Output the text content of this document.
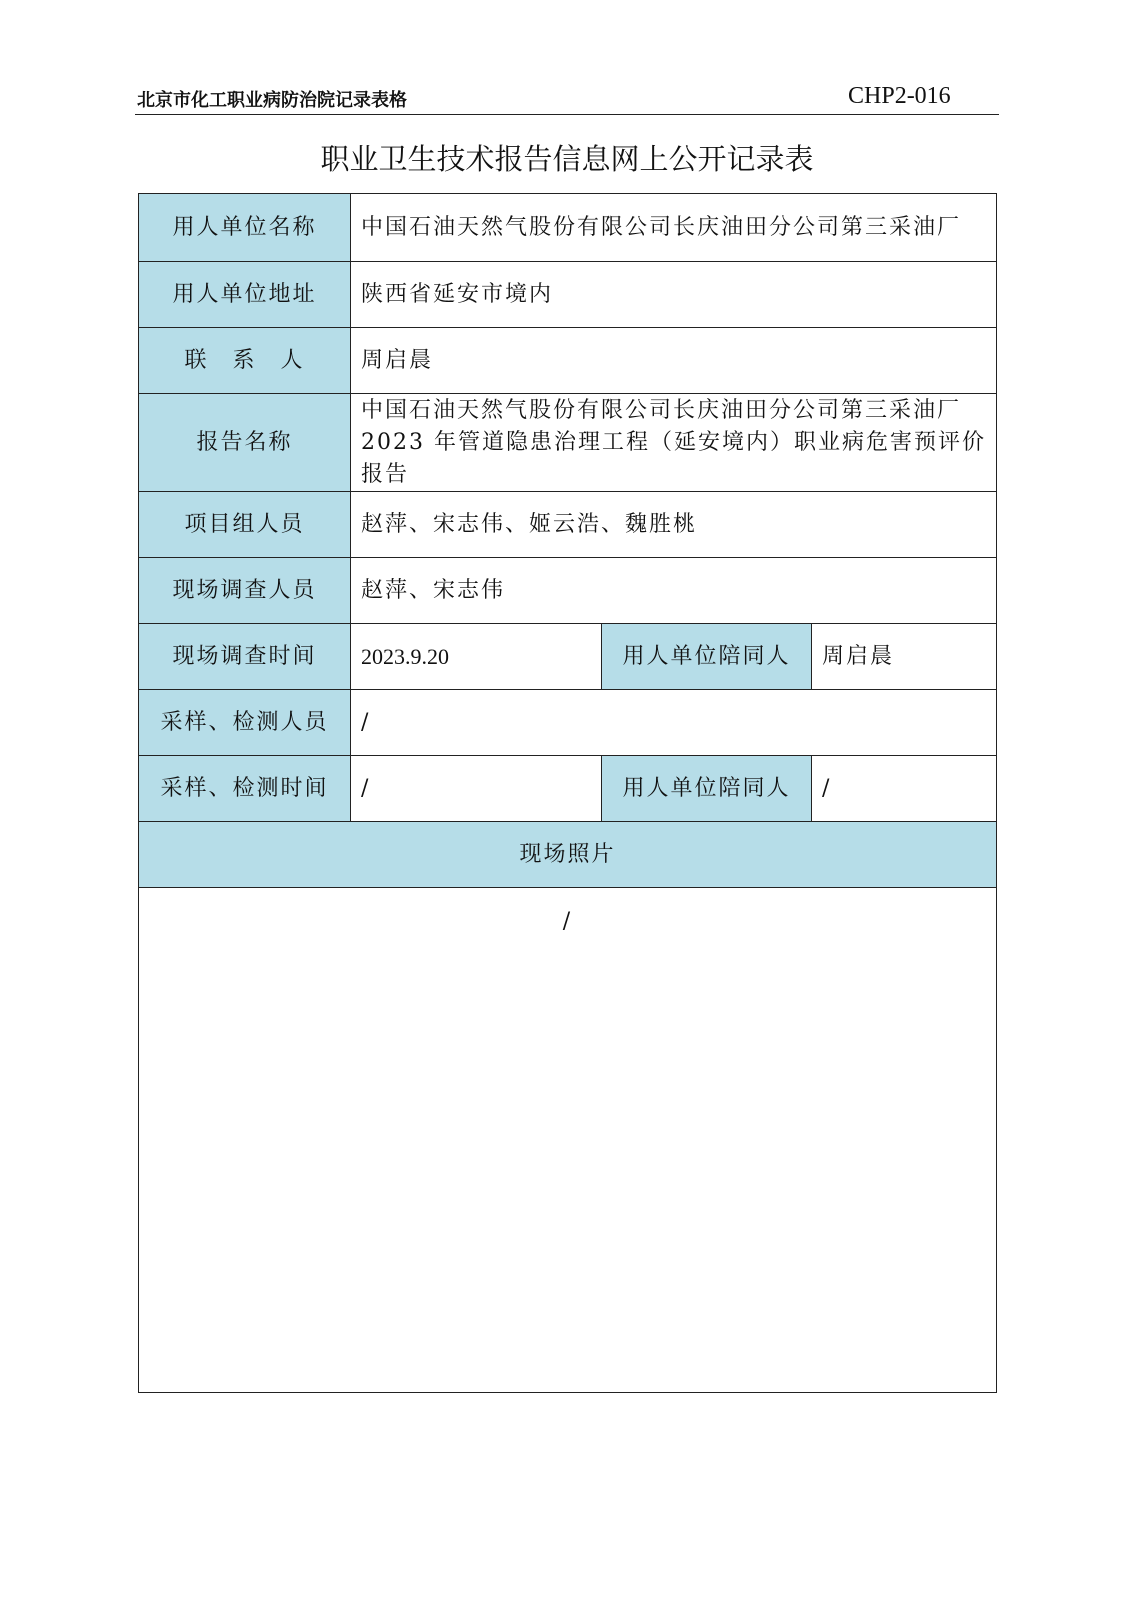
北京市化工职业病防治院记录表格	CHP2-016
职业卫生技术报告信息网上公开记录表
用人单位名称	中国石油天然气股份有限公司长庆油田分公司第三采油厂		
用人单位地址	陕西省延安市境内		
联　系　人	周启晨		
报告名称	中国石油天然气股份有限公司长庆油田分公司第三采油厂 2023 年管道隐患治理工程（延安境内）职业病危害预评价报告		
项目组人员	赵萍、宋志伟、姬云浩、魏胜桃		
现场调查人员	赵萍、宋志伟		
现场调查时间	2023.9.20	用人单位陪同人	周启晨
采样、检测人员	/		
采样、检测时间	/	用人单位陪同人	/
现场照片			
/			
